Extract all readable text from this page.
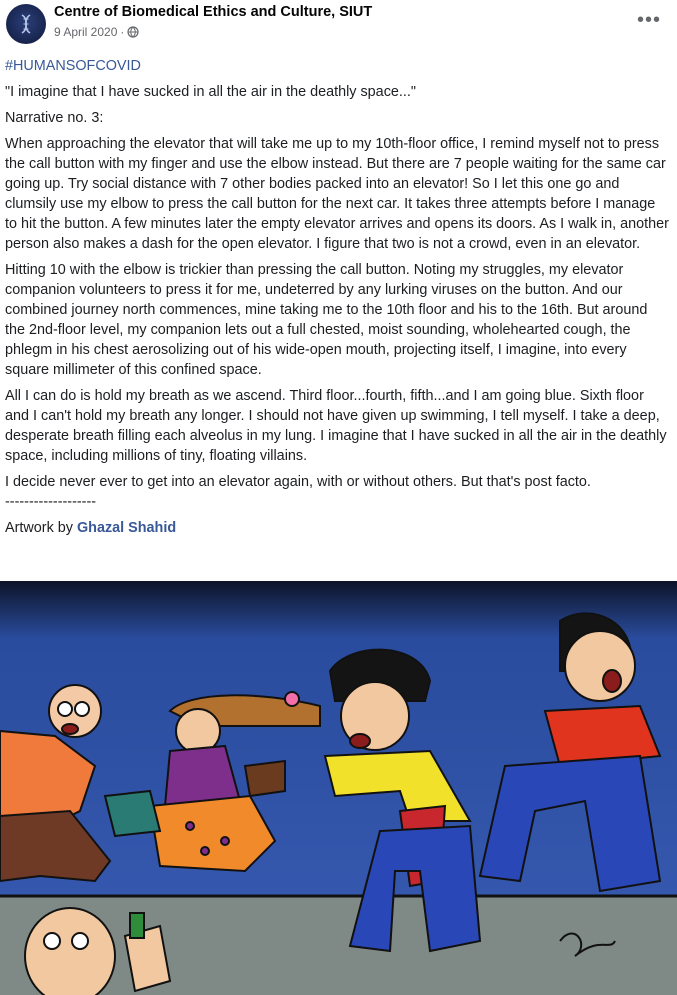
Centre of Biomedical Ethics and Culture, SIUT
9 April 2020 ·
•••

#HUMANSOFCOVID

"I imagine that I have sucked in all the air in the deathly space..."

Narrative no. 3:

When approaching the elevator that will take me up to my 10th-floor office, I remind myself not to press the call button with my finger and use the elbow instead. But there are 7 people waiting for the same car going up. Try social distance with 7 other bodies packed into an elevator! So I let this one go and clumsily use my elbow to press the call button for the next car. It takes three attempts before I manage to hit the button. A few minutes later the empty elevator arrives and opens its doors. As I walk in, another person also makes a dash for the open elevator. I figure that two is not a crowd, even in an elevator.

Hitting 10 with the elbow is trickier than pressing the call button. Noting my struggles, my elevator companion volunteers to press it for me, undeterred by any lurking viruses on the button. And our combined journey north commences, mine taking me to the 10th floor and his to the 16th. But around the 2nd-floor level, my companion lets out a full chested, moist sounding, wholehearted cough, the phlegm in his chest aerosolizing out of his wide-open mouth, projecting itself, I imagine, into every square millimeter of this confined space.

All I can do is hold my breath as we ascend. Third floor...fourth, fifth...and I am going blue. Sixth floor and I can't hold my breath any longer. I should not have given up swimming, I tell myself. I take a deep, desperate breath filling each alveolus in my lung. I imagine that I have sucked in all the air in the deathly space, including millions of tiny, floating villains.

I decide never ever to get into an elevator again, with or without others. But that's post facto.

-------------------

Artwork by Ghazal Shahid
